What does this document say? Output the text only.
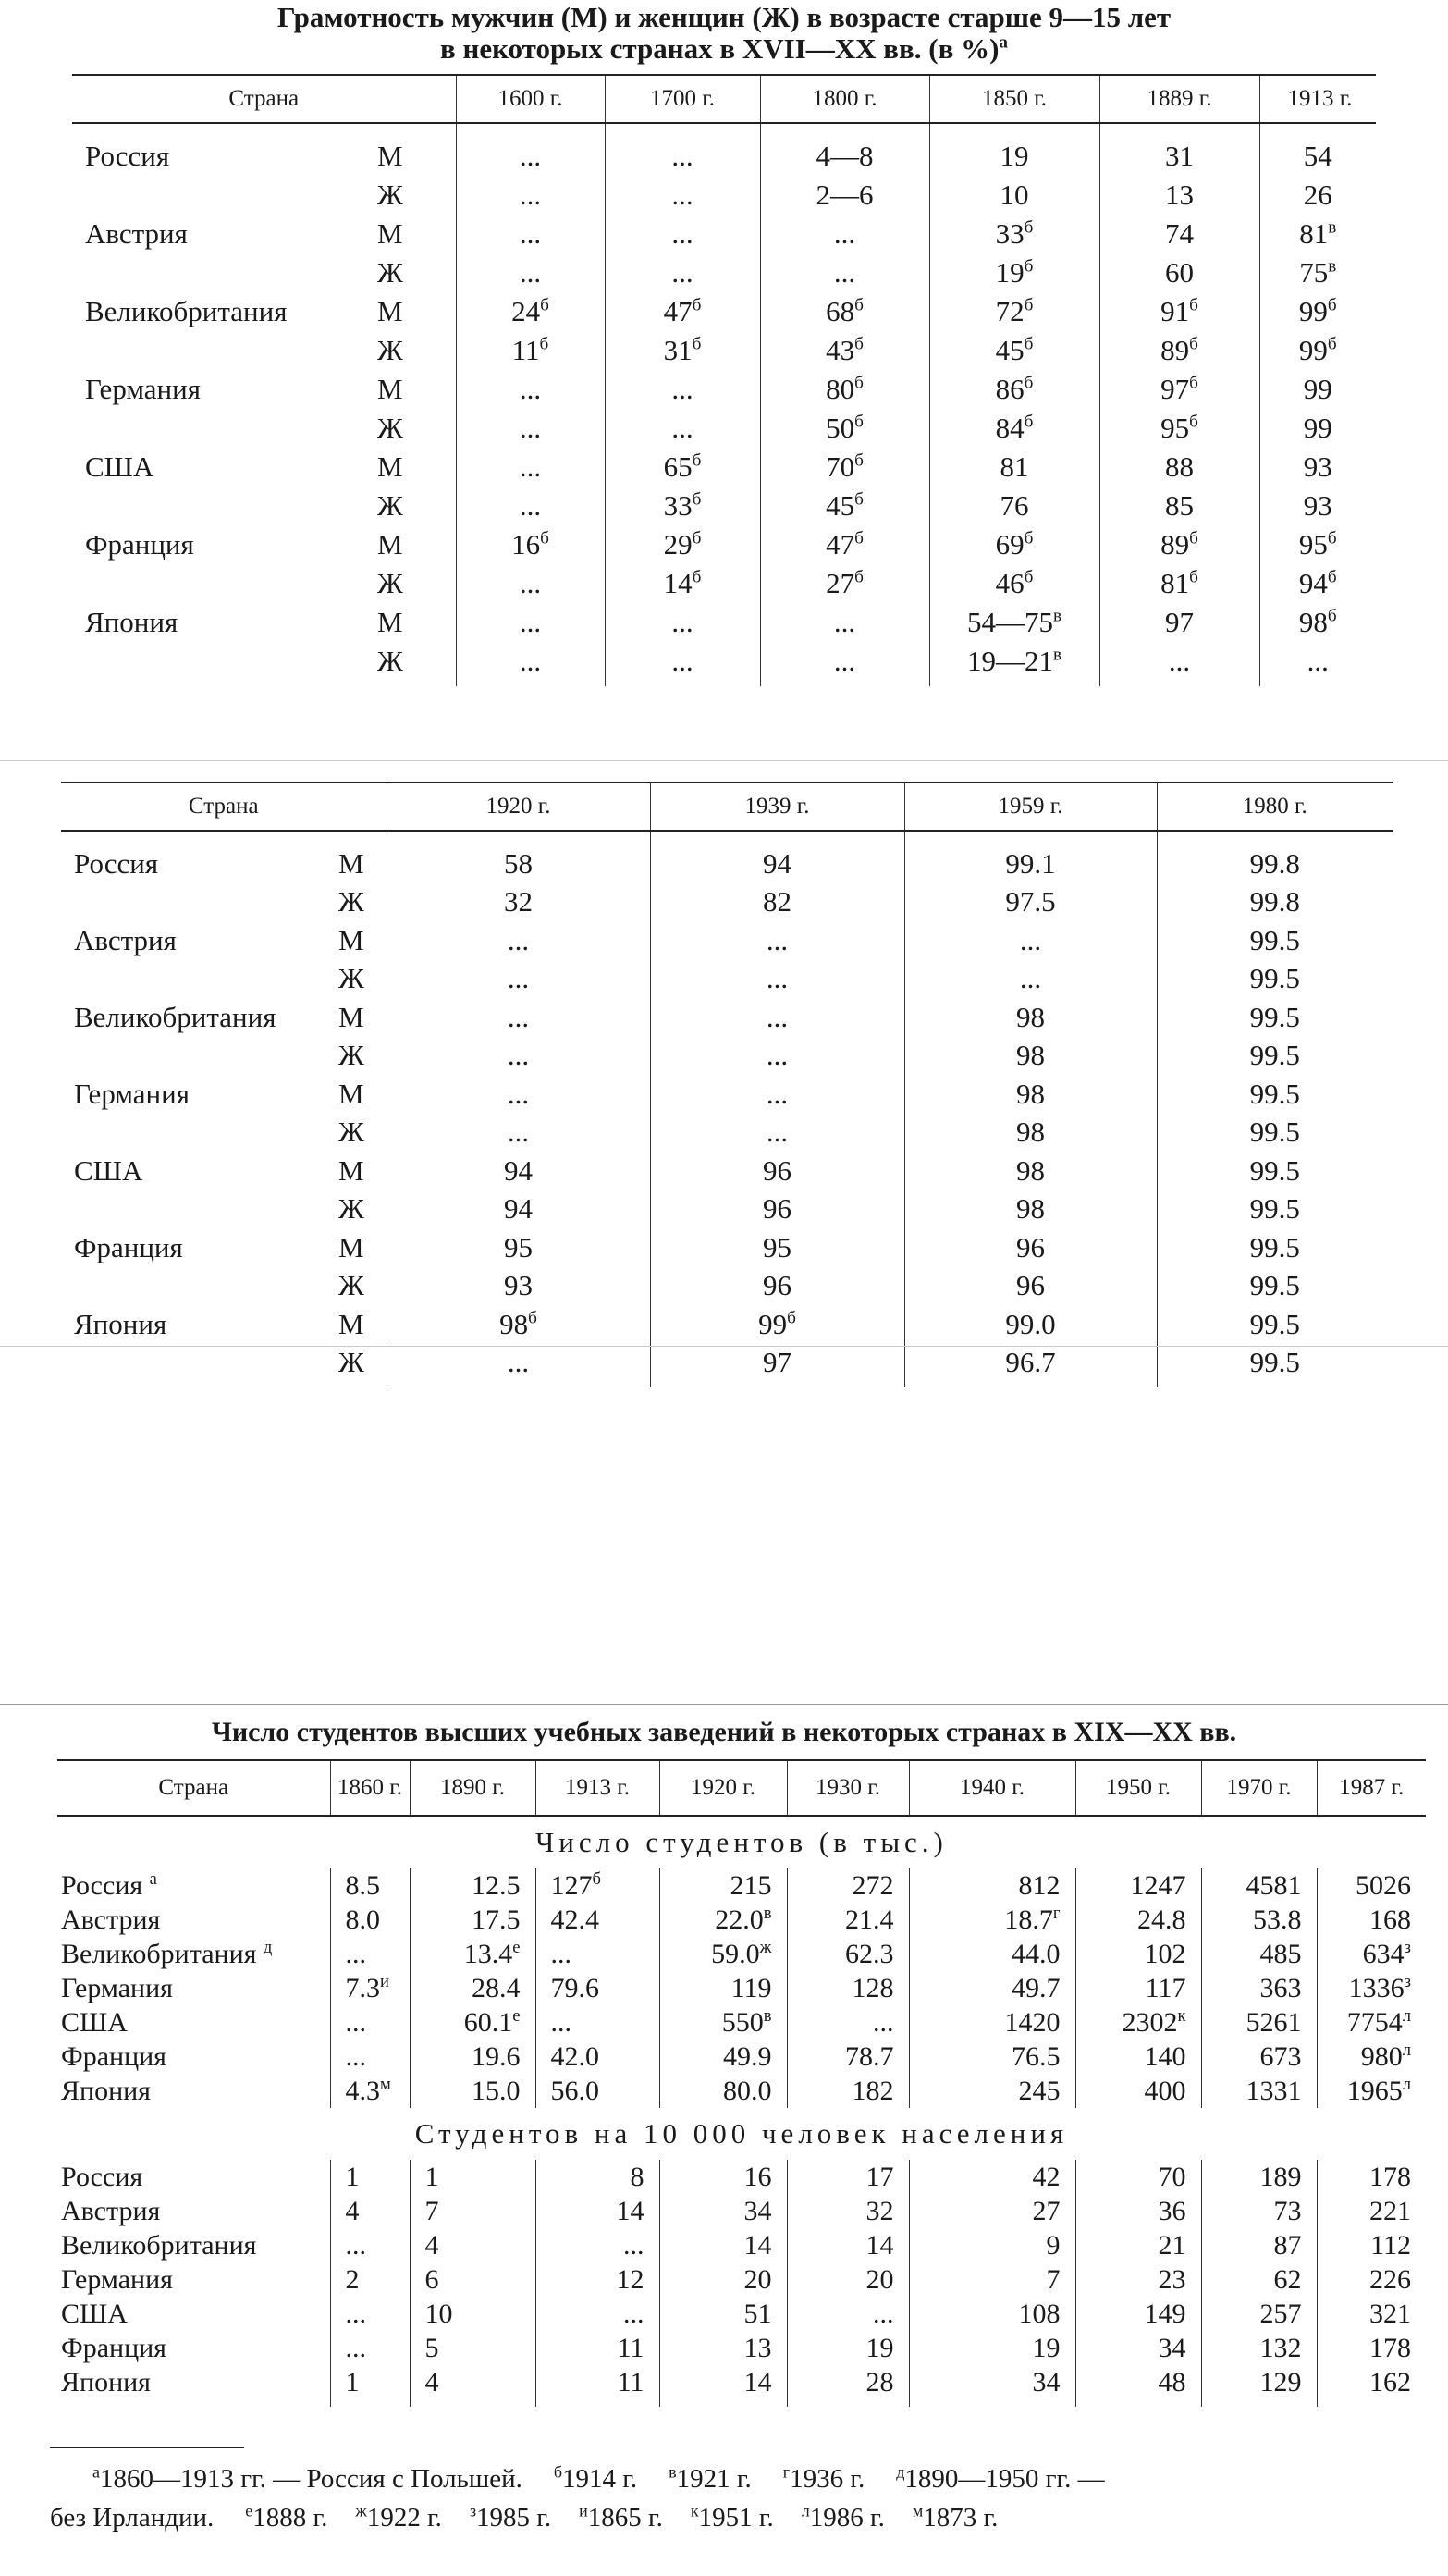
Грамотность мужчин (М) и женщин (Ж) в возрасте старше 9—15 лет
в некоторых странах в XVII—XX вв. (в %)$^а$
Страна		1600 г.	1700 г.	1800 г.	1850 г.	1889 г.	1913 г.

Россия	М	...	...	4—8	19	31	54
	Ж	...	...	2—6	10	13	26
Австрия	М	...	...	...	$33^б$	74	$81^в$
	Ж	...	...	...	$19^б$	60	$75^в$
Великобритания	М	$24^б$	$47^б$	$68^б$	$72^б$	$91^б$	$99^б$
	Ж	$11^б$	$31^б$	$43^б$	$45^б$	$89^б$	$99^б$
Германия	М	...	...	$80^б$	$86^б$	$97^б$	99
	Ж	...	...	$50^б$	$84^б$	$95^б$	99
США	М	...	$65^б$	$70^б$	81	88	93
	Ж	...	$33^б$	$45^б$	76	85	93
Франция	М	$16^б$	$29^б$	$47^б$	$69^б$	$89^б$	$95^б$
	Ж	...	$14^б$	$27^б$	$46^б$	$81^б$	$94^б$
Япония	М	...	...	...	$54—75^в$	97	$98^б$
	Ж	...	...	...	$19—21^в$	...	...

Страна		1920 г.	1939 г.	1959 г.	1980 г.

Россия	М	58	94	99.1	99.8
	Ж	32	82	97.5	99.8
Австрия	М	...	...	...	99.5
	Ж	...	...	...	99.5
Великобритания	М	...	...	98	99.5
	Ж	...	...	98	99.5
Германия	М	...	...	98	99.5
	Ж	...	...	98	99.5
США	М	94	96	98	99.5
	Ж	94	96	98	99.5
Франция	М	95	95	96	99.5
	Ж	93	96	96	99.5
Япония	М	$98^б$	$99^б$	99.0	99.5
	Ж	...	97	96.7	99.5

Число студентов высших учебных заведений в некоторых странах в XIX—XX вв.
Страна	1860 г.	1890 г.	1913 г.	1920 г.	1930 г.	1940 г.	1950 г.	1970 г.	1987 г.
Число студентов (в тыс.)									
Россия $^а$	8.5	12.5	$127^б$	215	272	812	1247	4581	5026
Австрия	8.0	17.5	42.4	$22.0^в$	21.4	$18.7^г$	24.8	53.8	168
Великобритания $^д$	...	$13.4^е$	...	$59.0^ж$	62.3	44.0	102	485	$634^з$
Германия	$7.3^и$	28.4	79.6	119	128	49.7	117	363	$1336^з$
США	...	$60.1^е$	...	$550^в$	...	1420	$2302^к$	5261	$7754^л$
Франция	...	19.6	42.0	49.9	78.7	76.5	140	673	$980^л$
Япония	$4.3^м$	15.0	56.0	80.0	182	245	400	1331	$1965^л$
Студентов на 10 000 человек населения									
Россия	1	1	8	16	17	42	70	189	178
Австрия	4	7	14	34	32	27	36	73	221
Великобритания	...	4	...	14	14	9	21	87	112
Германия	2	6	12	20	20	7	23	62	226
США	...	10	...	51	...	108	149	257	321
Франция	...	5	11	13	19	19	34	132	178
Япония	1	4	11	14	28	34	48	129	162

$^а$1860—1913 гг. — Россия с Польшей. $^б$1914 г. $^в$1921 г. $^г$1936 г. $^д$1890—1950 гг. —
без Ирландии. $^е$1888 г. $^ж$1922 г. $^з$1985 г. $^и$1865 г. $^к$1951 г. $^л$1986 г. $^м$1873 г.
